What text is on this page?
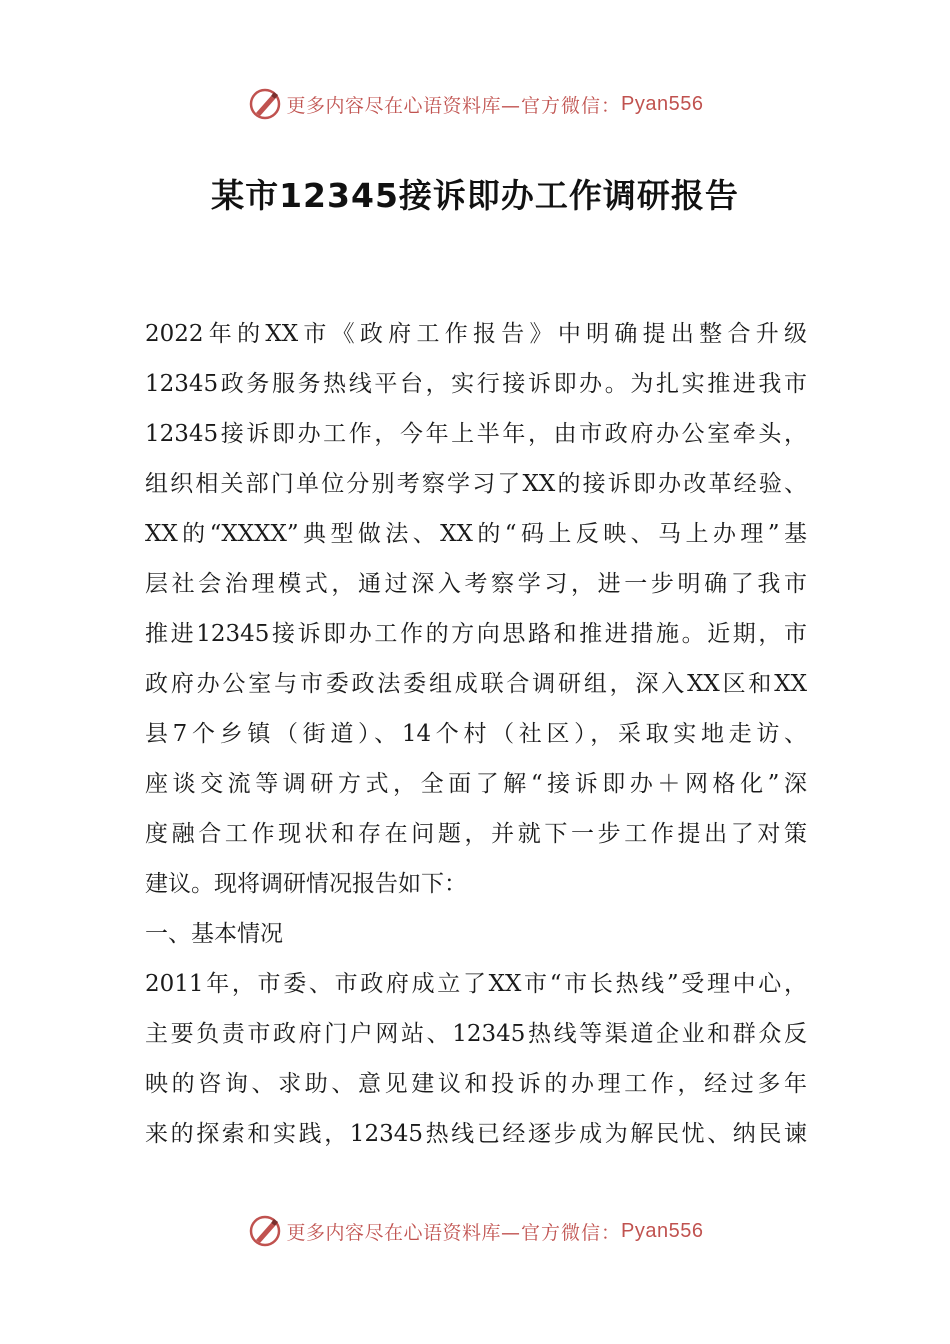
更多内容尽在心语资料库 —官方微信： Pyan556
某市12345接诉即办工作调研报告
2022年的XX市《政府工作报告》中明确提出整合升级
12345政务服务热线平台，实行接诉即办。为扎实推进我市
12345接诉即办工作，今年上半年，由市政府办公室牵头，
组织相关部门单位分别考察学习了XX的接诉即办改革经验、
XX的“XXXX”典型做法、XX的“码上反映、马上办理”基
层社会治理模式，通过深入考察学习，进一步明确了我市
推进12345接诉即办工作的方向思路和推进措施。近期，市
政府办公室与市委政法委组成联合调研组，深入XX区和XX
县7个乡镇（街道）、14个村（社区），采取实地走访、
座谈交流等调研方式，全面了解“接诉即办＋网格化”深
度融合工作现状和存在问题，并就下一步工作提出了对策
建议。现将调研情况报告如下：
一、基本情况
2011年，市委、市政府成立了XX市“市长热线”受理中心，
主要负责市政府门户网站、12345热线等渠道企业和群众反
映的咨询、求助、意见建议和投诉的办理工作，经过多年
来的探索和实践，12345热线已经逐步成为解民忧、纳民谏
更多内容尽在心语资料库 —官方微信： Pyan556
